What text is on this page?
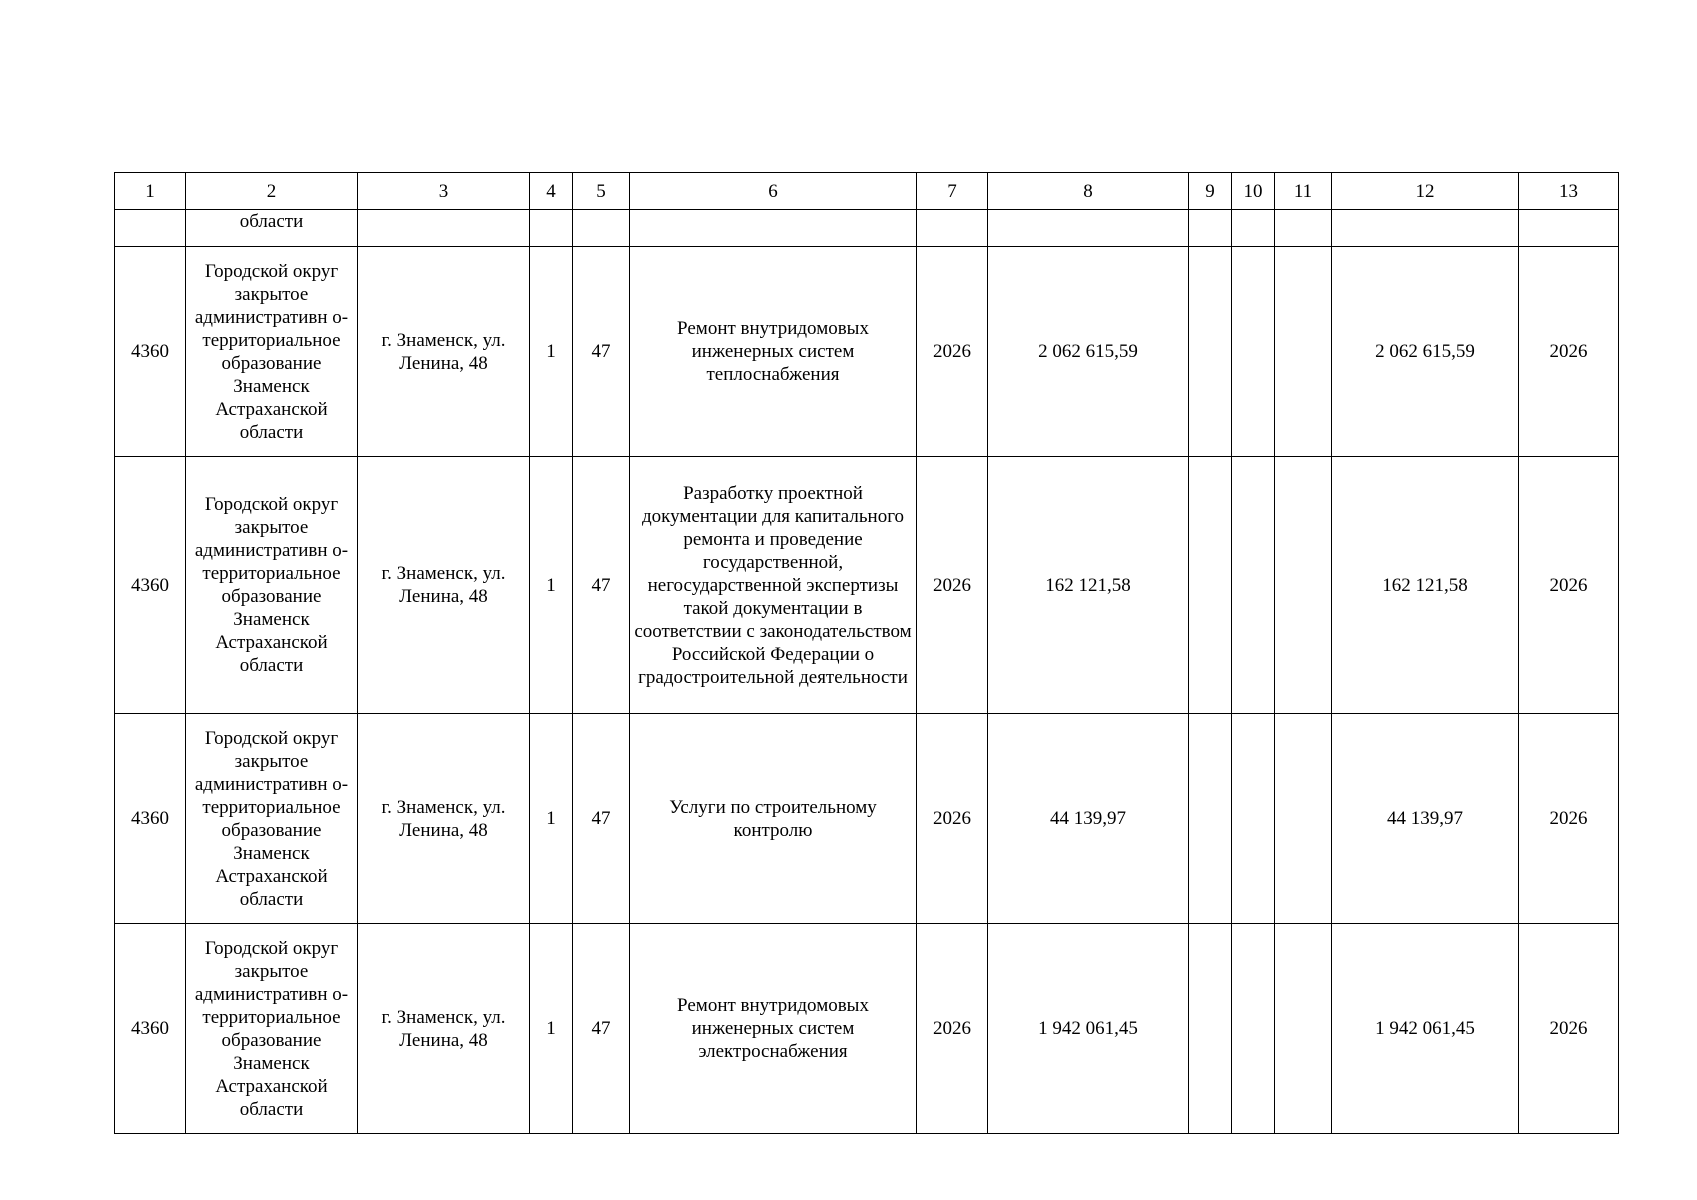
1	2	3	4	5	6	7	8	9	10	11	12	13
	области											
4360	Городской округ закрытое административн о-территориальное образование Знаменск Астраханской области	г. Знаменск, ул. Ленина, 48	1	47	Ремонт внутридомовых инженерных систем теплоснабжения	2026	2 062 615,59				2 062 615,59	2026
4360	Городской округ закрытое административн о-территориальное образование Знаменск Астраханской области	г. Знаменск, ул. Ленина, 48	1	47	Разработку проектной документации для капитального ремонта и проведение государственной, негосударственной экспертизы такой документации в соответствии с законодательством Российской Федерации о градостроительной деятельности	2026	162 121,58				162 121,58	2026
4360	Городской округ закрытое административн о-территориальное образование Знаменск Астраханской области	г. Знаменск, ул. Ленина, 48	1	47	Услуги по строительному контролю	2026	44 139,97				44 139,97	2026
4360	Городской округ закрытое административн о-территориальное образование Знаменск Астраханской области	г. Знаменск, ул. Ленина, 48	1	47	Ремонт внутридомовых инженерных систем электроснабжения	2026	1 942 061,45				1 942 061,45	2026
